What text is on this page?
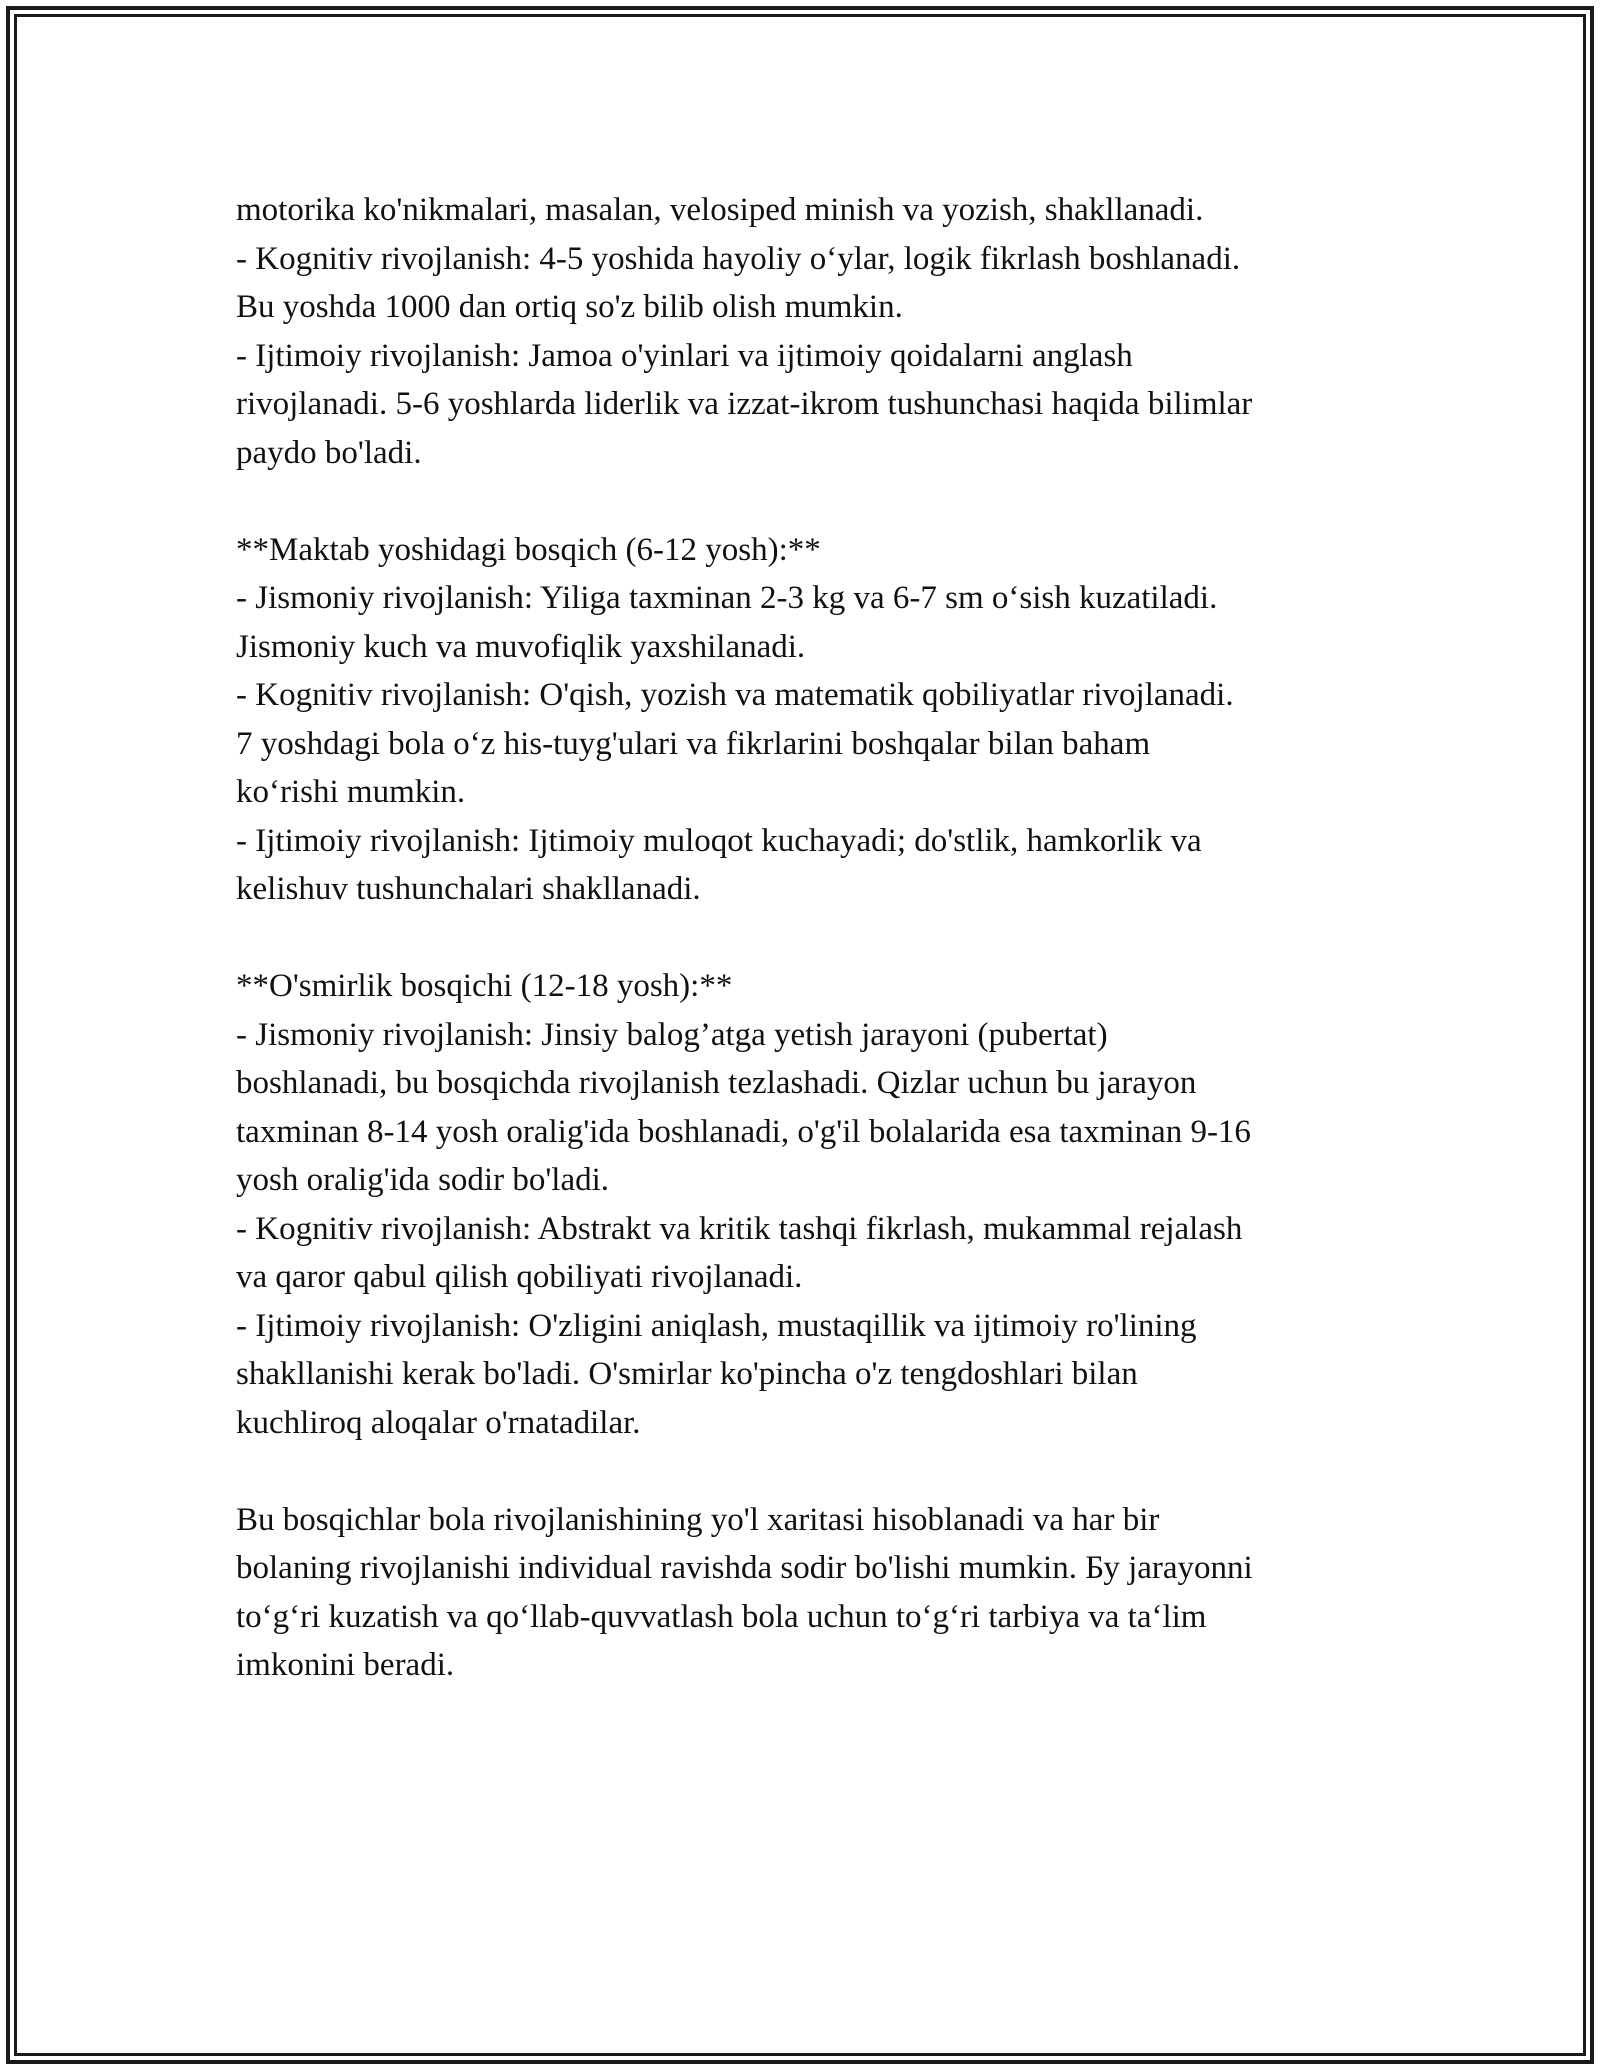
motorika ko'nikmalari, masalan, velosiped minish va yozish, shakllanadi.
- Kognitiv rivojlanish: 4-5 yoshida hayoliy o‘ylar, logik fikrlash boshlanadi.
Bu yoshda 1000 dan ortiq so'z bilib olish mumkin.
- Ijtimoiy rivojlanish: Jamoa o'yinlari va ijtimoiy qoidalarni anglash
rivojlanadi. 5-6 yoshlarda liderlik va izzat-ikrom tushunchasi haqida bilimlar
paydo bo'ladi.
**Maktab yoshidagi bosqich (6-12 yosh):**
- Jismoniy rivojlanish: Yiliga taxminan 2-3 kg va 6-7 sm o‘sish kuzatiladi.
Jismoniy kuch va muvofiqlik yaxshilanadi.
- Kognitiv rivojlanish: O'qish, yozish va matematik qobiliyatlar rivojlanadi.
7 yoshdagi bola o‘z his-tuyg'ulari va fikrlarini boshqalar bilan baham
ko‘rishi mumkin.
- Ijtimoiy rivojlanish: Ijtimoiy muloqot kuchayadi; do'stlik, hamkorlik va
kelishuv tushunchalari shakllanadi.
**O'smirlik bosqichi (12-18 yosh):**
- Jismoniy rivojlanish: Jinsiy balog’atga yetish jarayoni (pubertat)
boshlanadi, bu bosqichda rivojlanish tezlashadi. Qizlar uchun bu jarayon
taxminan 8-14 yosh oralig'ida boshlanadi, o'g'il bolalarida esa taxminan 9-16
yosh oralig'ida sodir bo'ladi.
- Kognitiv rivojlanish: Abstrakt va kritik tashqi fikrlash, mukammal rejalash
va qaror qabul qilish qobiliyati rivojlanadi.
- Ijtimoiy rivojlanish: O'zligini aniqlash, mustaqillik va ijtimoiy ro'lining
shakllanishi kerak bo'ladi. O'smirlar ko'pincha o'z tengdoshlari bilan
kuchliroq aloqalar o'rnatadilar.
Bu bosqichlar bola rivojlanishining yo'l xaritasi hisoblanadi va har bir
bolaning rivojlanishi individual ravishda sodir bo'lishi mumkin. Бу jarayonni
to‘g‘ri kuzatish va qo‘llab-quvvatlash bola uchun to‘g‘ri tarbiya va ta‘lim
imkonini beradi.
